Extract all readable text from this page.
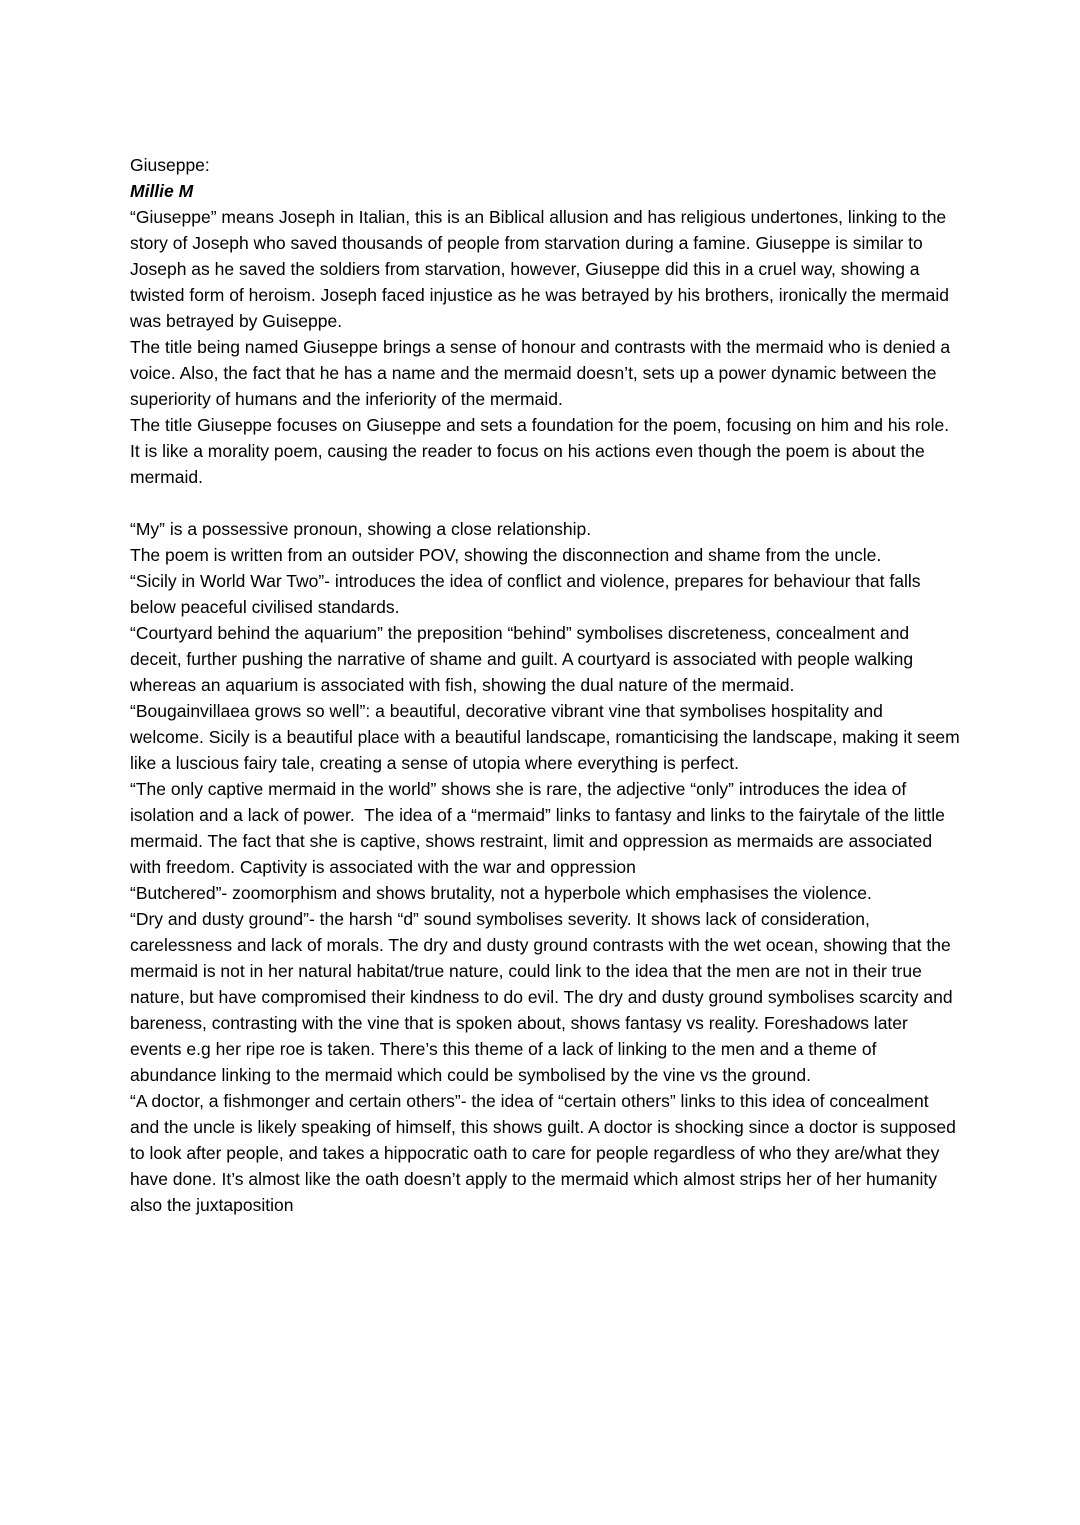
Giuseppe:

Millie M

“Giuseppe” means Joseph in Italian, this is an Biblical allusion and has religious undertones, linking to the story of Joseph who saved thousands of people from starvation during a famine. Giuseppe is similar to Joseph as he saved the soldiers from starvation, however, Giuseppe did this in a cruel way, showing a twisted form of heroism. Joseph faced injustice as he was betrayed by his brothers, ironically the mermaid was betrayed by Guiseppe.

The title being named Giuseppe brings a sense of honour and contrasts with the mermaid who is denied a voice. Also, the fact that he has a name and the mermaid doesn’t, sets up a power dynamic between the superiority of humans and the inferiority of the mermaid.

The title Giuseppe focuses on Giuseppe and sets a foundation for the poem, focusing on him and his role. It is like a morality poem, causing the reader to focus on his actions even though the poem is about the mermaid.

“My” is a possessive pronoun, showing a close relationship.

The poem is written from an outsider POV, showing the disconnection and shame from the uncle.

“Sicily in World War Two”- introduces the idea of conflict and violence, prepares for behaviour that falls below peaceful civilised standards.

“Courtyard behind the aquarium” the preposition “behind” symbolises discreteness, concealment and deceit, further pushing the narrative of shame and guilt. A courtyard is associated with people walking whereas an aquarium is associated with fish, showing the dual nature of the mermaid.

“Bougainvillaea grows so well”: a beautiful, decorative vibrant vine that symbolises hospitality and welcome. Sicily is a beautiful place with a beautiful landscape, romanticising the landscape, making it seem like a luscious fairy tale, creating a sense of utopia where everything is perfect.

“The only captive mermaid in the world” shows she is rare, the adjective “only” introduces the idea of isolation and a lack of power.  The idea of a “mermaid” links to fantasy and links to the fairytale of the little mermaid. The fact that she is captive, shows restraint, limit and oppression as mermaids are associated with freedom. Captivity is associated with the war and oppression

“Butchered”- zoomorphism and shows brutality, not a hyperbole which emphasises the violence.

“Dry and dusty ground”- the harsh “d” sound symbolises severity. It shows lack of consideration, carelessness and lack of morals. The dry and dusty ground contrasts with the wet ocean, showing that the mermaid is not in her natural habitat/true nature, could link to the idea that the men are not in their true nature, but have compromised their kindness to do evil. The dry and dusty ground symbolises scarcity and bareness, contrasting with the vine that is spoken about, shows fantasy vs reality. Foreshadows later events e.g her ripe roe is taken. There’s this theme of a lack of linking to the men and a theme of abundance linking to the mermaid which could be symbolised by the vine vs the ground.

“A doctor, a fishmonger and certain others”- the idea of “certain others” links to this idea of concealment and the uncle is likely speaking of himself, this shows guilt. A doctor is shocking since a doctor is supposed to look after people, and takes a hippocratic oath to care for people regardless of who they are/what they have done. It’s almost like the oath doesn’t apply to the mermaid which almost strips her of her humanity also the juxtaposition
